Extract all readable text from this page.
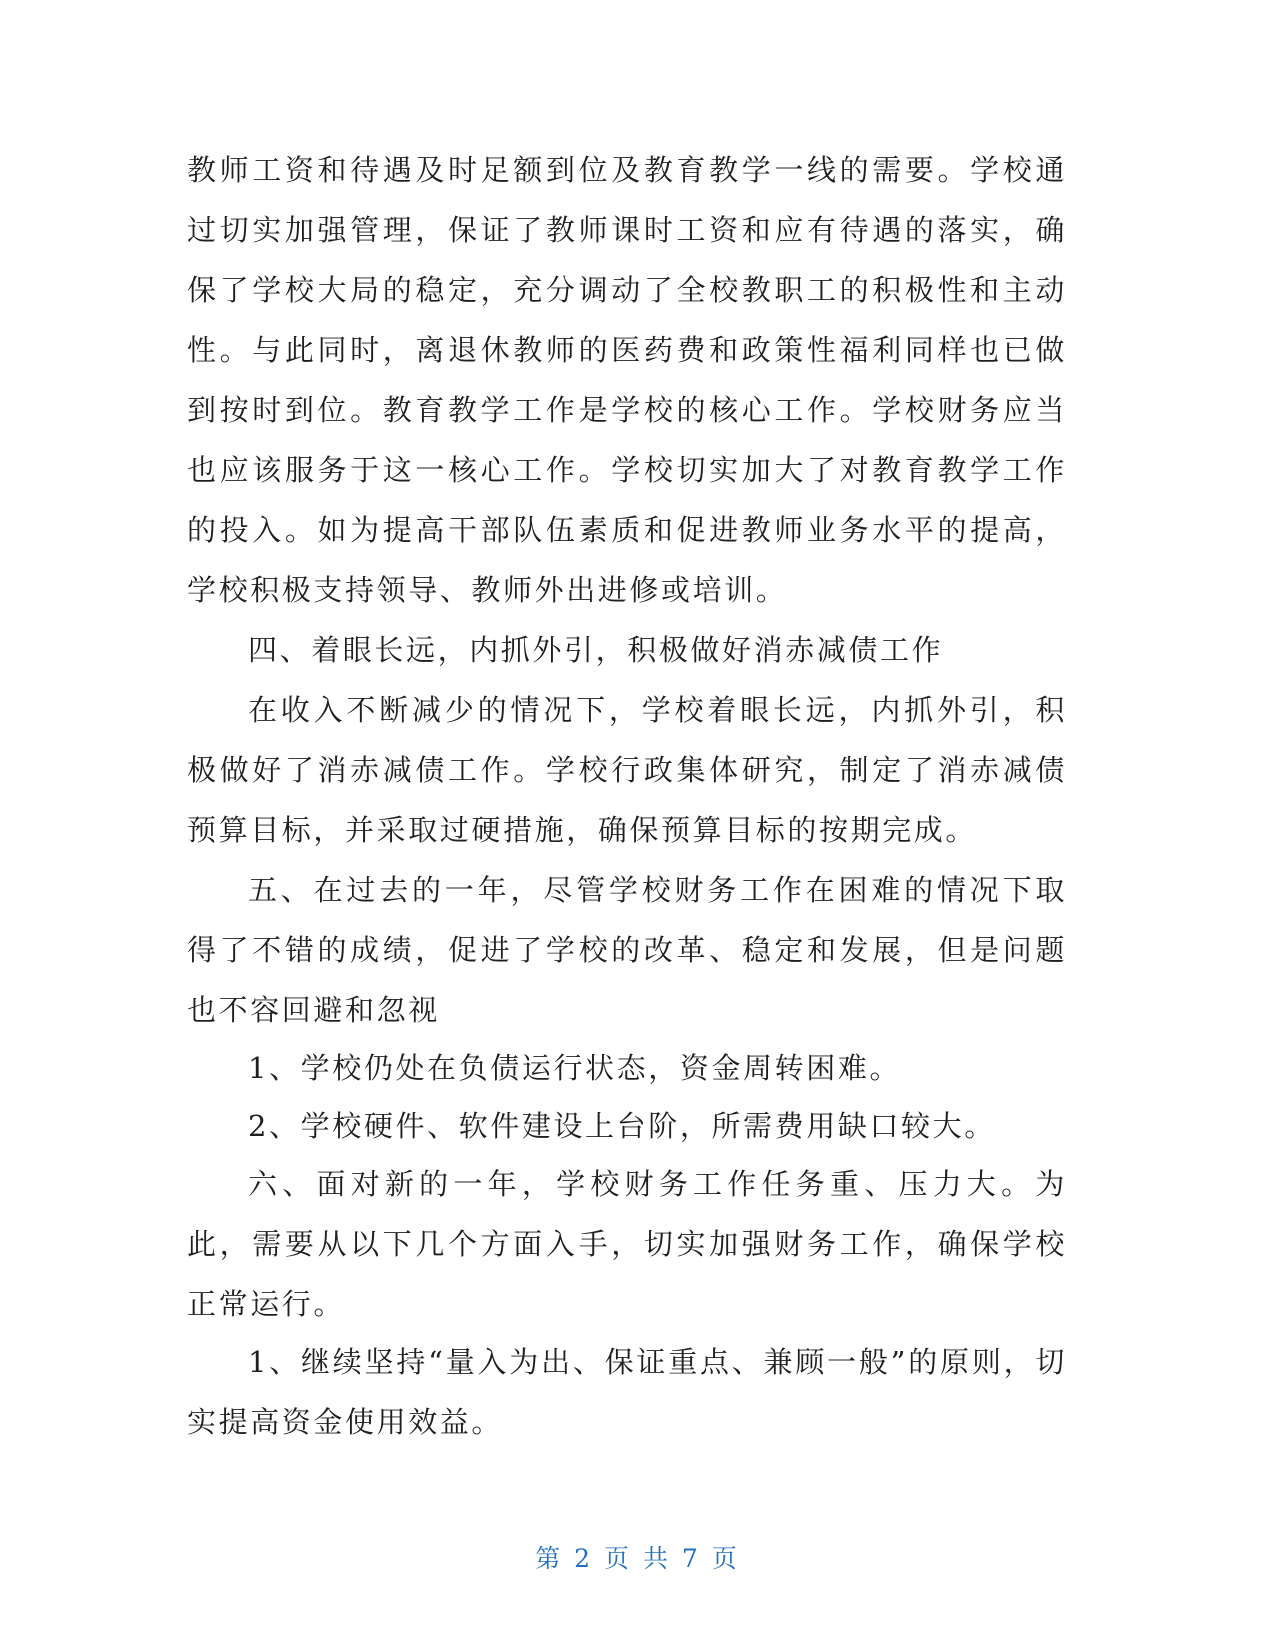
教师工资和待遇及时足额到位及教育教学一线的需要。学校通过切实加强管理，保证了教师课时工资和应有待遇的落实，确保了学校大局的稳定，充分调动了全校教职工的积极性和主动性。与此同时，离退休教师的医药费和政策性福利同样也已做到按时到位。教育教学工作是学校的核心工作。学校财务应当也应该服务于这一核心工作。学校切实加大了对教育教学工作的投入。如为提高干部队伍素质和促进教师业务水平的提高，学校积极支持领导、教师外出进修或培训。

四、着眼长远，内抓外引，积极做好消赤减债工作

在收入不断减少的情况下，学校着眼长远，内抓外引，积极做好了消赤减债工作。学校行政集体研究，制定了消赤减债预算目标，并采取过硬措施，确保预算目标的按期完成。

五、在过去的一年，尽管学校财务工作在困难的情况下取得了不错的成绩，促进了学校的改革、稳定和发展，但是问题也不容回避和忽视

1、学校仍处在负债运行状态，资金周转困难。

2、学校硬件、软件建设上台阶，所需费用缺口较大。

六、面对新的一年，学校财务工作任务重、压力大。为此，需要从以下几个方面入手，切实加强财务工作，确保学校正常运行。

1、继续坚持“量入为出、保证重点、兼顾一般”的原则，切实提高资金使用效益。

第 2 页 共 7 页
